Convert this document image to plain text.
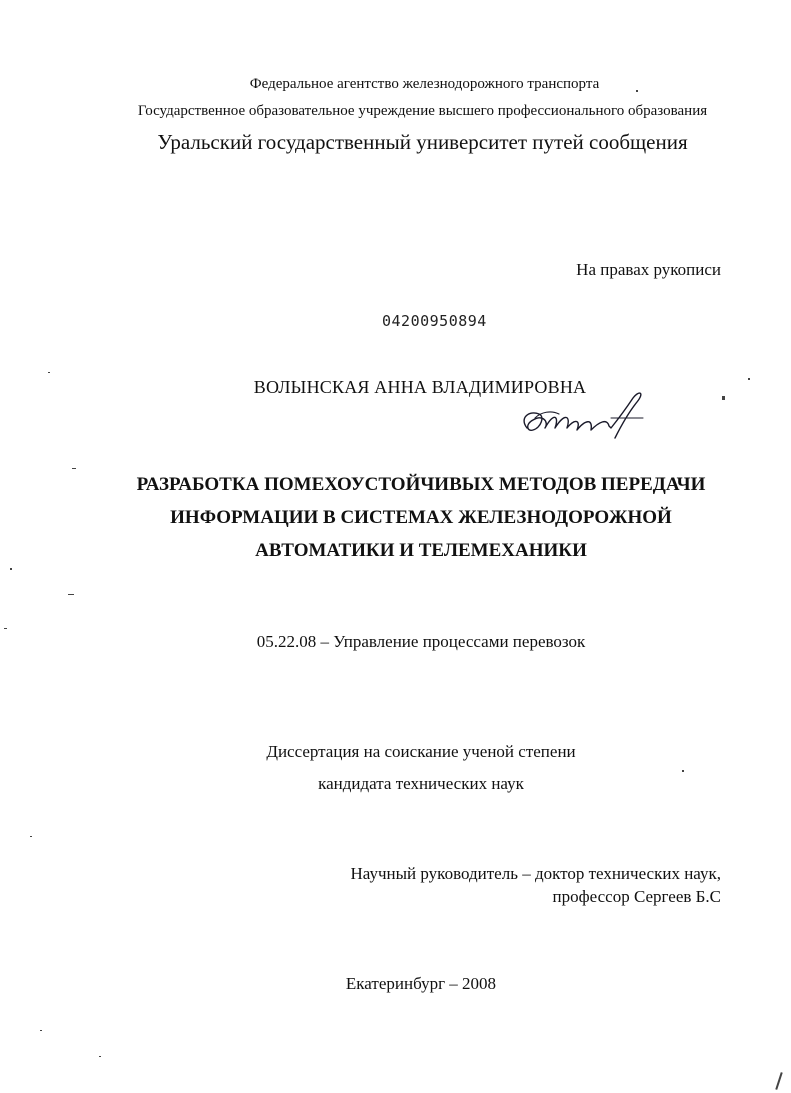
Федеральное агентство железнодорожного транспорта
Государственное образовательное учреждение высшего профессионального образования
Уральский государственный университет путей сообщения
На правах рукописи
04200950894
ВОЛЫНСКАЯ АННА ВЛАДИМИРОВНА
РАЗРАБОТКА ПОМЕХОУСТОЙЧИВЫХ МЕТОДОВ ПЕРЕДАЧИ
ИНФОРМАЦИИ В СИСТЕМАХ ЖЕЛЕЗНОДОРОЖНОЙ
АВТОМАТИКИ И ТЕЛЕМЕХАНИКИ
05.22.08 – Управление процессами перевозок
Диссертация на соискание ученой степени
кандидата технических наук
Научный руководитель – доктор технических наук,
профессор Сергеев Б.С
Екатеринбург – 2008
